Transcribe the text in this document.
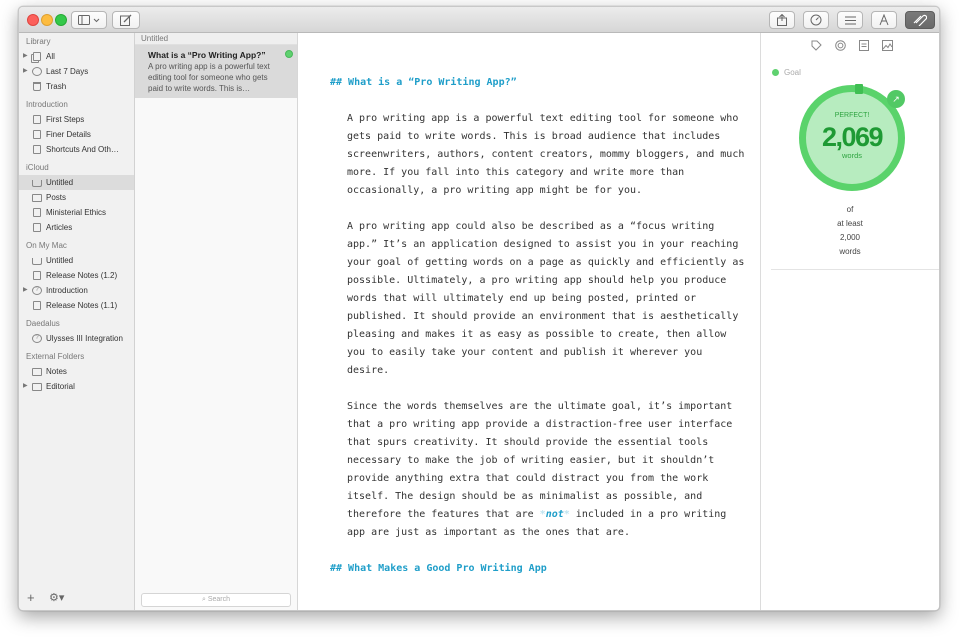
Library
▶ All
▶ Last 7 Days
Trash
Introduction
First Steps
Finer Details
Shortcuts And Oth…
iCloud
Untitled
Posts
Ministerial Ethics
Articles
On My Mac
Untitled
Release Notes (1.2)
▶	? Introduction
Release Notes (1.1)
Daedalus
? Ulysses III Integration
External Folders
Notes
▶ Editorial
+ ⚙▾
Untitled
What is a “Pro Writing App?”
A pro writing app is a powerful text editing tool for someone who gets paid to write words. This is…
⌕ Search
## What is a “Pro Writing App?”
A pro writing app is a powerful text editing tool for someone who gets paid to write words. This is broad audience that includes screenwriters, authors, content creators, mommy bloggers, and much more. If you fall into this category and write more than occasionally, a pro writing app might be for you.
A pro writing app could also be described as a “focus writing app.” It’s an application designed to assist you in your reaching your goal of getting words on a page as quickly and efficiently as possible. Ultimately, a pro writing app should help you produce words that will ultimately end up being posted, printed or published. It should provide an environment that is aesthetically pleasing and makes it as easy as possible to create, then allow you to easily take your content and publish it wherever you desire.
Since the words themselves are the ultimate goal, it’s important that a pro writing app provide a distraction-free user interface that spurs creativity. It should provide the essential tools necessary to make the job of writing easier, but it shouldn’t provide anything extra that could distract you from the work itself. The design should be as minimalist as possible, and therefore the features that are *not* included in a pro writing app are just as important as the ones that are.
## What Makes a Good Pro Writing App
Goal
↗
PERFECT!
2,069
words
of
at least
2,000
words
